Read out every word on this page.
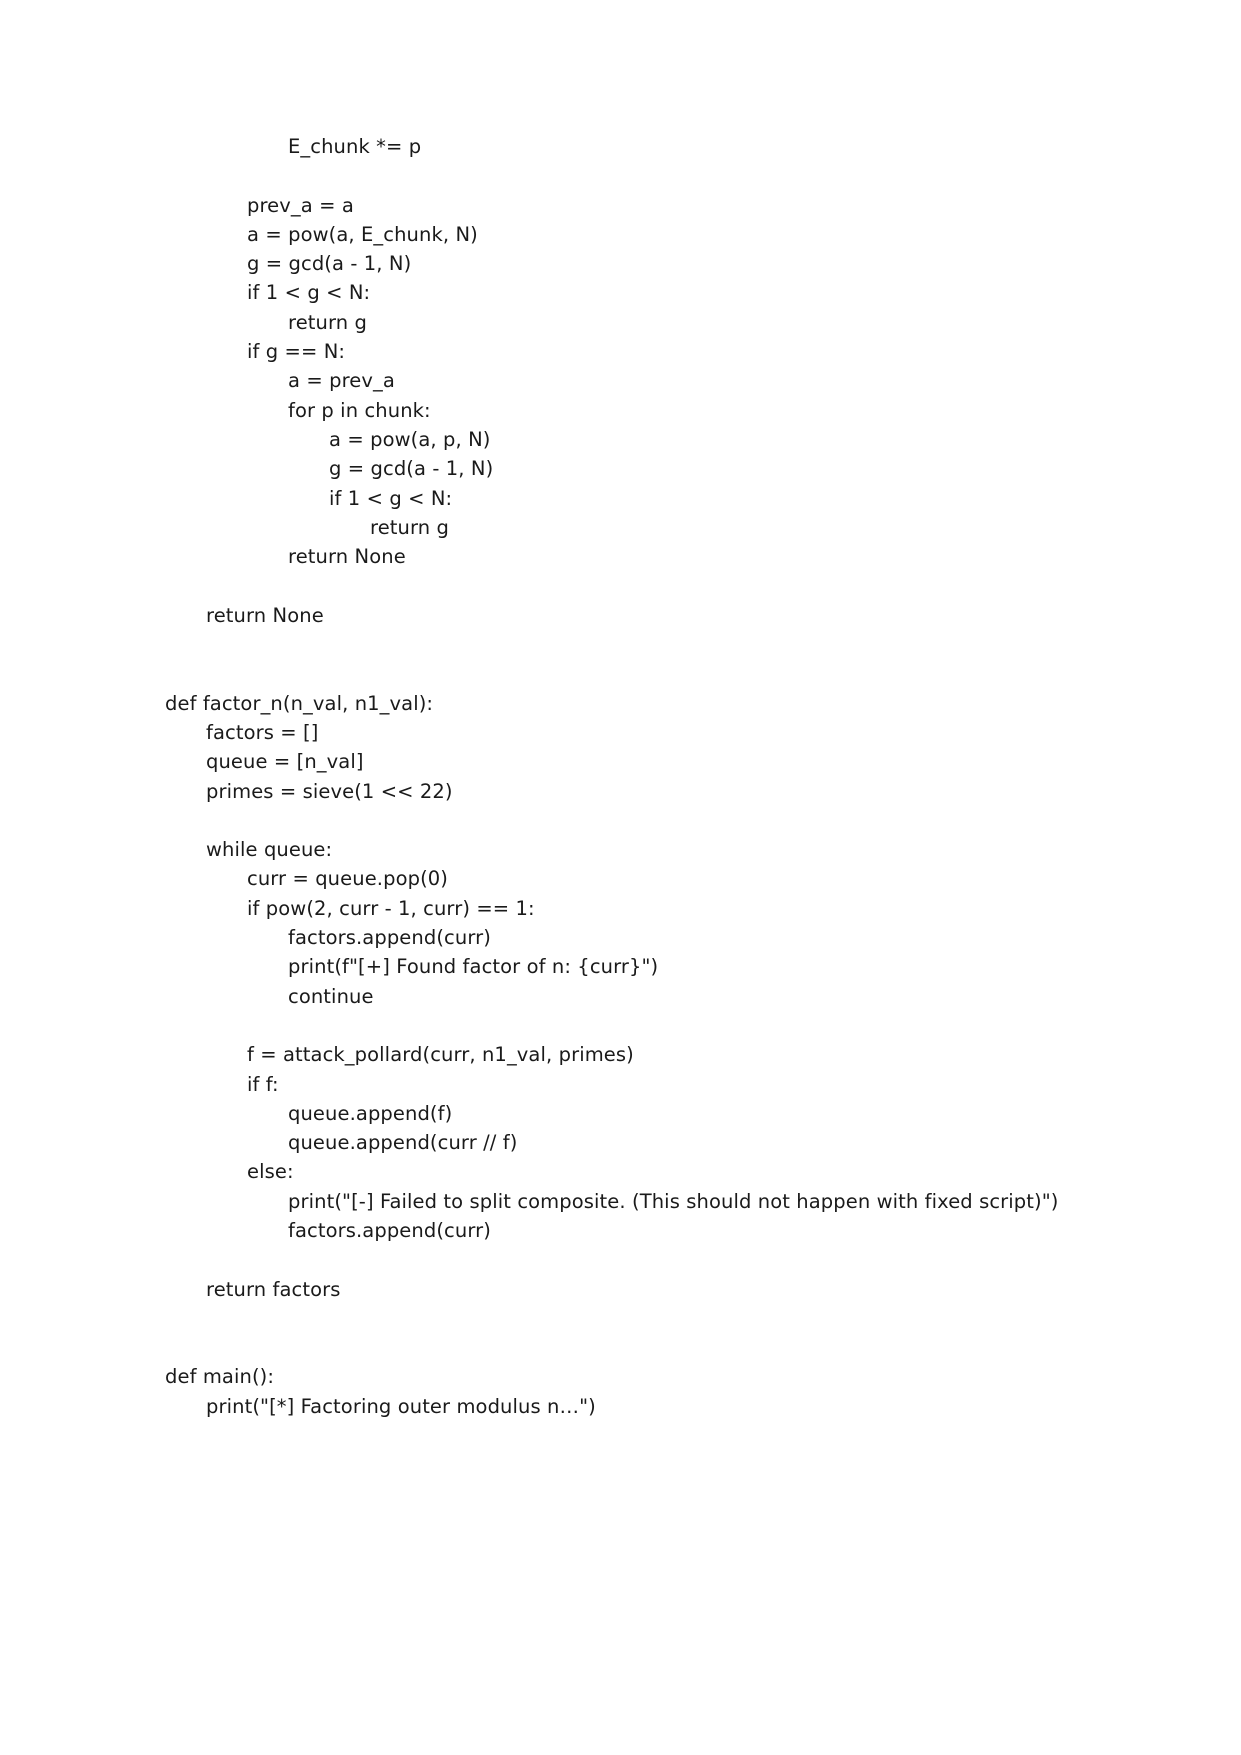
E_chunk *= p
prev_a = a
a = pow(a, E_chunk, N)
g = gcd(a - 1, N)
if 1 < g < N:
return g
if g == N:
a = prev_a
for p in chunk:
a = pow(a, p, N)
g = gcd(a - 1, N)
if 1 < g < N:
return g
return None
return None
def factor_n(n_val, n1_val):
factors = []
queue = [n_val]
primes = sieve(1 << 22)
while queue:
curr = queue.pop(0)
if pow(2, curr - 1, curr) == 1:
factors.append(curr)
print(f"[+] Found factor of n: {curr}")
continue
f = attack_pollard(curr, n1_val, primes)
if f:
queue.append(f)
queue.append(curr // f)
else:
print("[-] Failed to split composite. (This should not happen with fixed script)")
factors.append(curr)
return factors
def main():
print("[*] Factoring outer modulus n…")
